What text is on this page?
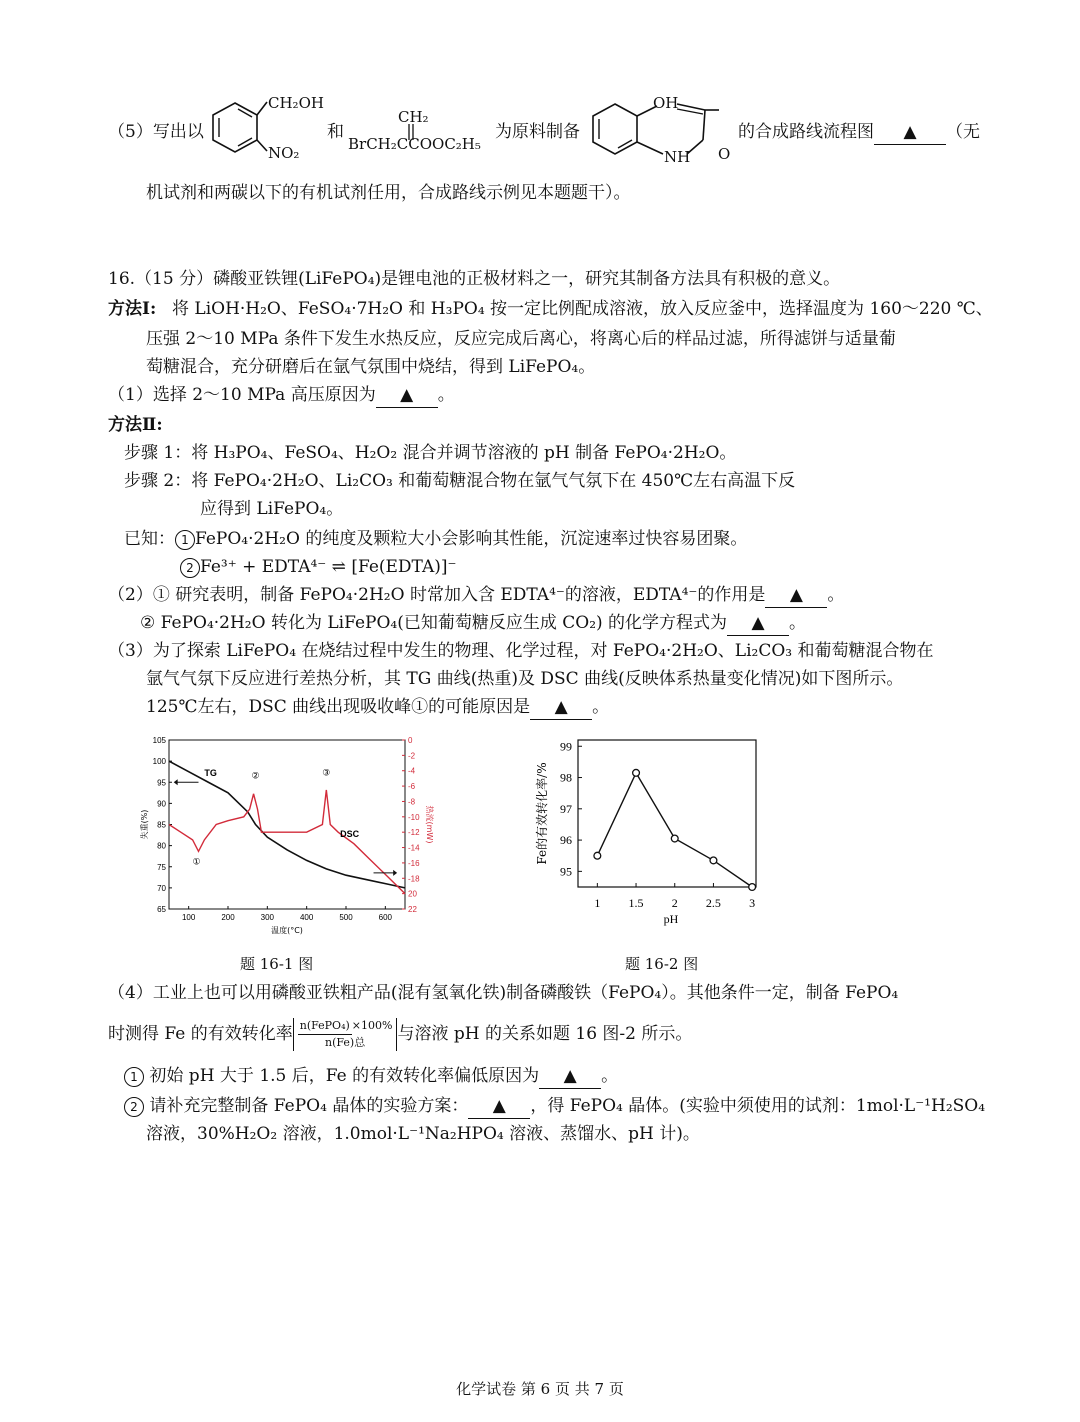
（5）写出以
CH₂OH
NO₂
和
CH₂
BrCH₂CCOOC₂H₅
为原料制备
OH
NH O
的合成路线流程图 ▲ （无
机试剂和两碳以下的有机试剂任用，合成路线示例见本题题干）。
16.（15 分）磷酸亚铁锂(LiFePO₄)是锂电池的正极材料之一，研究其制备方法具有积极的意义。
方法Ⅰ: 将 LiOH·H₂O、FeSO₄·7H₂O 和 H₃PO₄ 按一定比例配成溶液，放入反应釜中，选择温度为 160～220 ℃、
压强 2～10 MPa 条件下发生水热反应，反应完成后离心，将离心后的样品过滤，所得滤饼与适量葡
萄糖混合，充分研磨后在氩气氛围中烧结，得到 LiFePO₄。
（1）选择 2～10 MPa 高压原因为 ▲ 。
方法Ⅱ:
步骤 1：将 H₃PO₄、FeSO₄、H₂O₂ 混合并调节溶液的 pH 制备 FePO₄·2H₂O。
步骤 2：将 FePO₄·2H₂O、Li₂CO₃ 和葡萄糖混合物在氩气气氛下在 450℃左右高温下反
应得到 LiFePO₄。
已知： 1 FePO₄·2H₂O 的纯度及颗粒大小会影响其性能，沉淀速率过快容易团聚。
2 Fe³⁺ + EDTA⁴⁻ ⇌ [Fe(EDTA)]⁻
（2）① 研究表明，制备 FePO₄·2H₂O 时常加入含 EDTA⁴⁻的溶液，EDTA⁴⁻的作用是 ▲ 。
② FePO₄·2H₂O 转化为 LiFePO₄(已知葡萄糖反应生成 CO₂) 的化学方程式为 ▲ 。
（3）为了探索 LiFePO₄ 在烧结过程中发生的物理、化学过程，对 FePO₄·2H₂O、Li₂CO₃ 和葡萄糖混合物在
氩气气氛下反应进行差热分析，其 TG 曲线(热重)及 DSC 曲线(反映体系热量变化情况)如下图所示。
125℃左右，DSC 曲线出现吸收峰①的可能原因是 ▲ 。
100	200	300	400	500	600
65
70
75
80
85
90
95
100
105	0
-2
-4
-6
-8
-10
-12
-14
-16
-18
20
22
温度(°C)
失重(%)	热流(mW)
TG
DSC
①
②	③
题 16-1 图
1 1.5 2 2.5 3
95
96
97
98
99
pH
Fe的有效转化率/%
题 16-2 图
（4）工业上也可以用磷酸亚铁粗产品(混有氢氧化铁)制备磷酸铁（FePO₄）。其他条件一定，制备 FePO₄
时测得 Fe 的有效转化率 n(FePO₄) ×100%
n(Fe)总 与溶液 pH 的关系如题 16 图-2 所示。
1 初始 pH 大于 1.5 后，Fe 的有效转化率偏低原因为 ▲ 。
2 请补充完整制备 FePO₄ 晶体的实验方案： ▲ ，得 FePO₄ 晶体。(实验中须使用的试剂：1mol·L⁻¹H₂SO₄
溶液，30%H₂O₂ 溶液，1.0mol·L⁻¹Na₂HPO₄ 溶液、蒸馏水、pH 计)。
化学试卷 第 6 页 共 7 页
